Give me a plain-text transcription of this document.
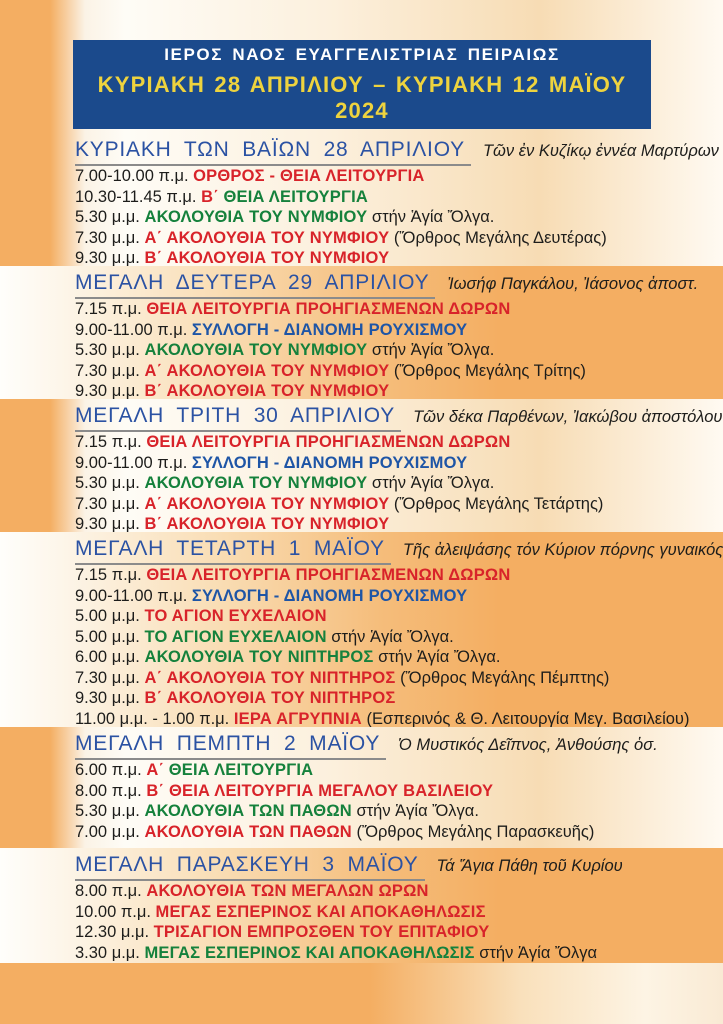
ΙΕΡΟΣ ΝΑΟΣ ΕΥΑΓΓΕΛΙΣΤΡΙΑΣ ΠΕΙΡΑΙΩΣ
ΚΥΡΙΑΚΗ 28 ΑΠΡΙΛΙΟΥ – ΚΥΡΙΑΚΗ 12 ΜΑΪΟΥ 2024
ΚΥΡΙΑΚΗ ΤΩΝ ΒΑΪΩΝ 28 ΑΠΡΙΛΙΟΥ Τῶν ἐν Κυζίκῳ ἐννέα Μαρτύρων
7.00-10.00 π.μ. ΟΡΘΡΟΣ - ΘΕΙΑ ΛΕΙΤΟΥΡΓΙΑ
10.30-11.45 π.μ. Β΄ ΘΕΙΑ ΛΕΙΤΟΥΡΓΙΑ
5.30 μ.μ. ΑΚΟΛΟΥΘΙΑ ΤΟΥ ΝΥΜΦΙΟΥ στήν Ἁγία Ὄλγα.
7.30 μ.μ. Α΄ ΑΚΟΛΟΥΘΙΑ ΤΟΥ ΝΥΜΦΙΟΥ (Ὄρθρος Μεγάλης Δευτέρας)
9.30 μ.μ. Β΄ ΑΚΟΛΟΥΘΙΑ ΤΟΥ ΝΥΜΦΙΟΥ
ΜΕΓΑΛΗ ΔΕΥΤΕΡΑ 29 ΑΠΡΙΛΙΟΥ Ἰωσήφ Παγκάλου, Ἰάσονος ἀποστ.
7.15 π.μ. ΘΕΙΑ ΛΕΙΤΟΥΡΓΙΑ ΠΡΟΗΓΙΑΣΜΕΝΩΝ ΔΩΡΩΝ
9.00-11.00 π.μ. ΣΥΛΛΟΓΗ - ΔΙΑΝΟΜΗ ΡΟΥΧΙΣΜΟΥ
5.30 μ.μ. ΑΚΟΛΟΥΘΙΑ ΤΟΥ ΝΥΜΦΙΟΥ στήν Ἁγία Ὄλγα.
7.30 μ.μ. Α΄ ΑΚΟΛΟΥΘΙΑ ΤΟΥ ΝΥΜΦΙΟΥ (Ὄρθρος Μεγάλης Τρίτης)
9.30 μ.μ. Β΄ ΑΚΟΛΟΥΘΙΑ ΤΟΥ ΝΥΜΦΙΟΥ
ΜΕΓΑΛΗ ΤΡΙΤΗ 30 ΑΠΡΙΛΙΟΥ Τῶν δέκα Παρθένων, Ἰακώβου ἀποστόλου
7.15 π.μ. ΘΕΙΑ ΛΕΙΤΟΥΡΓΙΑ ΠΡΟΗΓΙΑΣΜΕΝΩΝ ΔΩΡΩΝ
9.00-11.00 π.μ. ΣΥΛΛΟΓΗ - ΔΙΑΝΟΜΗ ΡΟΥΧΙΣΜΟΥ
5.30 μ.μ. ΑΚΟΛΟΥΘΙΑ ΤΟΥ ΝΥΜΦΙΟΥ στήν Ἁγία Ὄλγα.
7.30 μ.μ. Α΄ ΑΚΟΛΟΥΘΙΑ ΤΟΥ ΝΥΜΦΙΟΥ (Ὄρθρος Μεγάλης Τετάρτης)
9.30 μ.μ. Β΄ ΑΚΟΛΟΥΘΙΑ ΤΟΥ ΝΥΜΦΙΟΥ
ΜΕΓΑΛΗ ΤΕΤΑΡΤΗ 1 ΜΑΪΟΥ Τῆς ἀλειψάσης τόν Κύριον πόρνης γυναικός
7.15 π.μ. ΘΕΙΑ ΛΕΙΤΟΥΡΓΙΑ ΠΡΟΗΓΙΑΣΜΕΝΩΝ ΔΩΡΩΝ
9.00-11.00 π.μ. ΣΥΛΛΟΓΗ - ΔΙΑΝΟΜΗ ΡΟΥΧΙΣΜΟΥ
5.00 μ.μ. ΤΟ ΑΓΙΟΝ ΕΥΧΕΛΑΙΟΝ
5.00 μ.μ. ΤΟ ΑΓΙΟΝ ΕΥΧΕΛΑΙΟΝ στήν Ἁγία Ὄλγα.
6.00 μ.μ. ΑΚΟΛΟΥΘΙΑ ΤΟΥ ΝΙΠΤΗΡΟΣ στήν Ἁγία Ὄλγα.
7.30 μ.μ. Α΄ ΑΚΟΛΟΥΘΙΑ ΤΟΥ ΝΙΠΤΗΡΟΣ (Ὄρθρος Μεγάλης Πέμπτης)
9.30 μ.μ. Β΄ ΑΚΟΛΟΥΘΙΑ ΤΟΥ ΝΙΠΤΗΡΟΣ
11.00 μ.μ. - 1.00 π.μ. ΙΕΡΑ ΑΓΡΥΠΝΙΑ (Εσπερινός & Θ. Λειτουργία Μεγ. Βασιλείου)
ΜΕΓΑΛΗ ΠΕΜΠΤΗ 2 ΜΑΪΟΥ Ὁ Μυστικός Δεῖπνος, Ἀνθούσης ὁσ.
6.00 π.μ. Α΄ ΘΕΙΑ ΛΕΙΤΟΥΡΓΙΑ
8.00 π.μ. Β΄ ΘΕΙΑ ΛΕΙΤΟΥΡΓΙΑ ΜΕΓΑΛΟΥ ΒΑΣΙΛΕΙΟΥ
5.30 μ.μ. ΑΚΟΛΟΥΘΙΑ ΤΩΝ ΠΑΘΩΝ στήν Ἁγία Ὄλγα.
7.00 μ.μ. ΑΚΟΛΟΥΘΙΑ ΤΩΝ ΠΑΘΩΝ (Ὄρθρος Μεγάλης Παρασκευῆς)
ΜΕΓΑΛΗ ΠΑΡΑΣΚΕΥΗ 3 ΜΑΪΟΥ Τά Ἅγια Πάθη τοῦ Κυρίου
8.00 π.μ. ΑΚΟΛΟΥΘΙΑ ΤΩΝ ΜΕΓΑΛΩΝ ΩΡΩΝ
10.00 π.μ. ΜΕΓΑΣ ΕΣΠΕΡΙΝΟΣ ΚΑΙ ΑΠΟΚΑΘΗΛΩΣΙΣ
12.30 μ.μ. ΤΡΙΣΑΓΙΟΝ ΕΜΠΡΟΣΘΕΝ ΤΟΥ ΕΠΙΤΑΦΙΟΥ
3.30 μ.μ. ΜΕΓΑΣ ΕΣΠΕΡΙΝΟΣ ΚΑΙ ΑΠΟΚΑΘΗΛΩΣΙΣ στήν Ἁγία Ὄλγα
